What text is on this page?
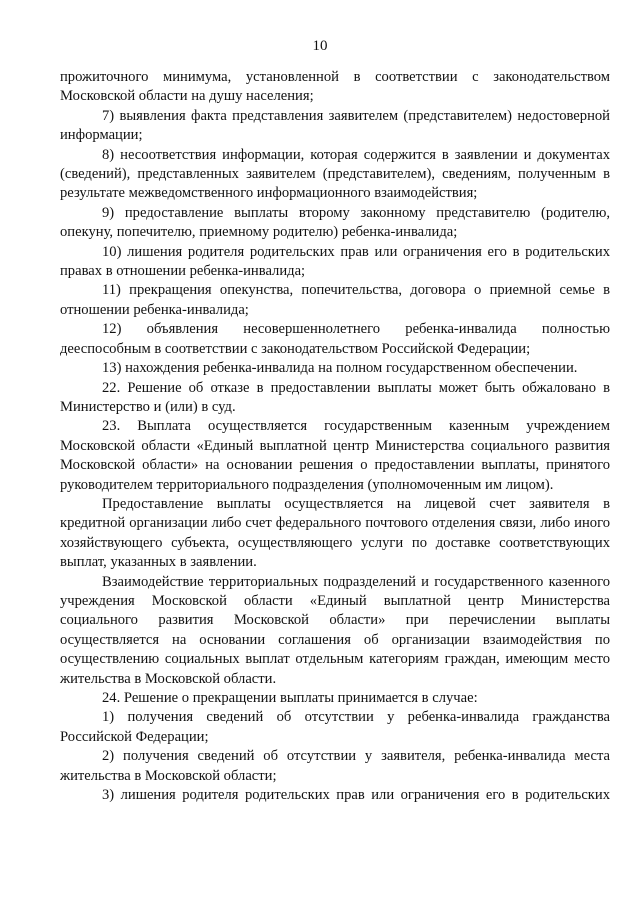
10

прожиточного минимума, установленной в соответствии с законодательством Московской области на душу населения;

7) выявления факта представления заявителем (представителем) недостоверной информации;

8) несоответствия информации, которая содержится в заявлении и документах (сведений), представленных заявителем (представителем), сведениям, полученным в результате межведомственного информационного взаимодействия;

9) предоставление выплаты второму законному представителю (родителю, опекуну, попечителю, приемному родителю) ребенка-инвалида;

10) лишения родителя родительских прав или ограничения его в родительских правах в отношении ребенка-инвалида;

11) прекращения опекунства, попечительства, договора о приемной семье в отношении ребенка-инвалида;

12) объявления несовершеннолетнего ребенка-инвалида полностью дееспособным в соответствии с законодательством Российской Федерации;

13) нахождения ребенка-инвалида на полном государственном обеспечении.

22. Решение об отказе в предоставлении выплаты может быть обжаловано в Министерство и (или) в суд.

23. Выплата осуществляется государственным казенным учреждением Московской области «Единый выплатной центр Министерства социального развития Московской области» на основании решения о предоставлении выплаты, принятого руководителем территориального подразделения (уполномоченным им лицом).

Предоставление выплаты осуществляется на лицевой счет заявителя в кредитной организации либо счет федерального почтового отделения связи, либо иного хозяйствующего субъекта, осуществляющего услуги по доставке соответствующих выплат, указанных в заявлении.

Взаимодействие территориальных подразделений и государственного казенного учреждения Московской области «Единый выплатной центр Министерства социального развития Московской области» при перечислении выплаты осуществляется на основании соглашения об организации взаимодействия по осуществлению социальных выплат отдельным категориям граждан, имеющим место жительства в Московской области.

24. Решение о прекращении выплаты принимается в случае:

1) получения сведений об отсутствии у ребенка-инвалида гражданства Российской Федерации;

2) получения сведений об отсутствии у заявителя, ребенка-инвалида места жительства в Московской области;

3) лишения родителя родительских прав или ограничения его в родительских
